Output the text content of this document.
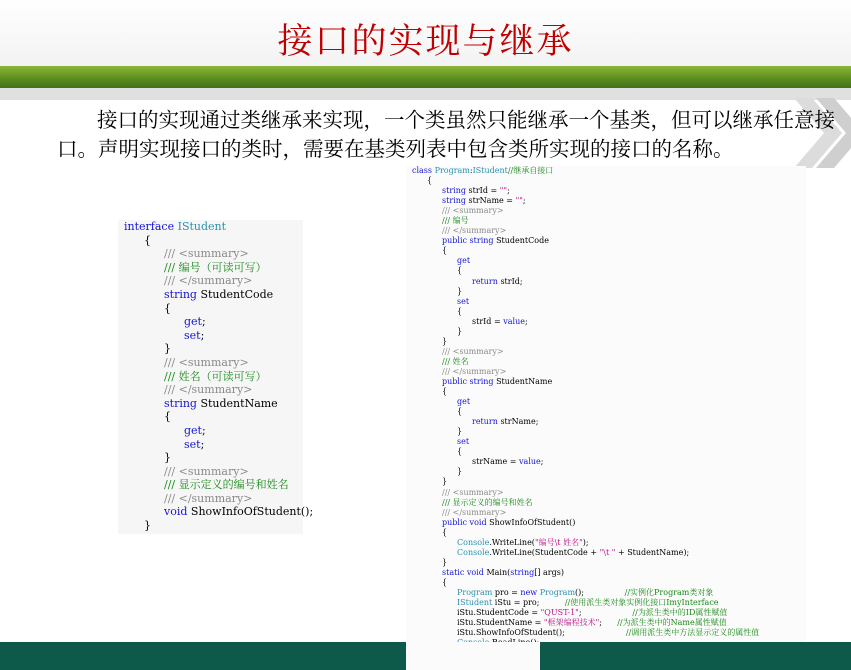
接口的实现与继承
接口的实现通过类继承来实现，一个类虽然只能继承一个基类，但可以继承任意接口。声明实现接口的类时，需要在基类列表中包含类所实现的接口的名称。
interface IStudent
{
/// <summary>
/// 编号（可读可写）
/// </summary>
string StudentCode
{
get;
set;
}
/// <summary>
/// 姓名（可读可写）
/// </summary>
string StudentName
{
get;
set;
}
/// <summary>
/// 显示定义的编号和姓名
/// </summary>
void ShowInfoOfStudent();
}
class Program:IStudent//继承自接口
{
string strId = "";
string strName = "";
/// <summary>
/// 编号
/// </summary>
public string StudentCode
{
get
{
return strId;
}
set
{
strId = value;
}
}
/// <summary>
/// 姓名
/// </summary>
public string StudentName
{
get
{
return strName;
}
set
{
strName = value;
}
}
/// <summary>
/// 显示定义的编号和姓名
/// </summary>
public void ShowInfoOfStudent()
{
Console.WriteLine("编号\t 姓名");
Console.WriteLine(StudentCode + "\t " + StudentName);
}
static void Main(string[] args)
{
Program pro = new Program();                //实例化Program类对象
IStudent iStu = pro;          //使用派生类对象实例化接口ImyInterface
iStu.StudentCode = "QUST-1";                    //为派生类中的ID属性赋值
iStu.StudentName = "框架编程技术";      //为派生类中的Name属性赋值
iStu.ShowInfoOfStudent();                        //调用派生类中方法显示定义的属性值
